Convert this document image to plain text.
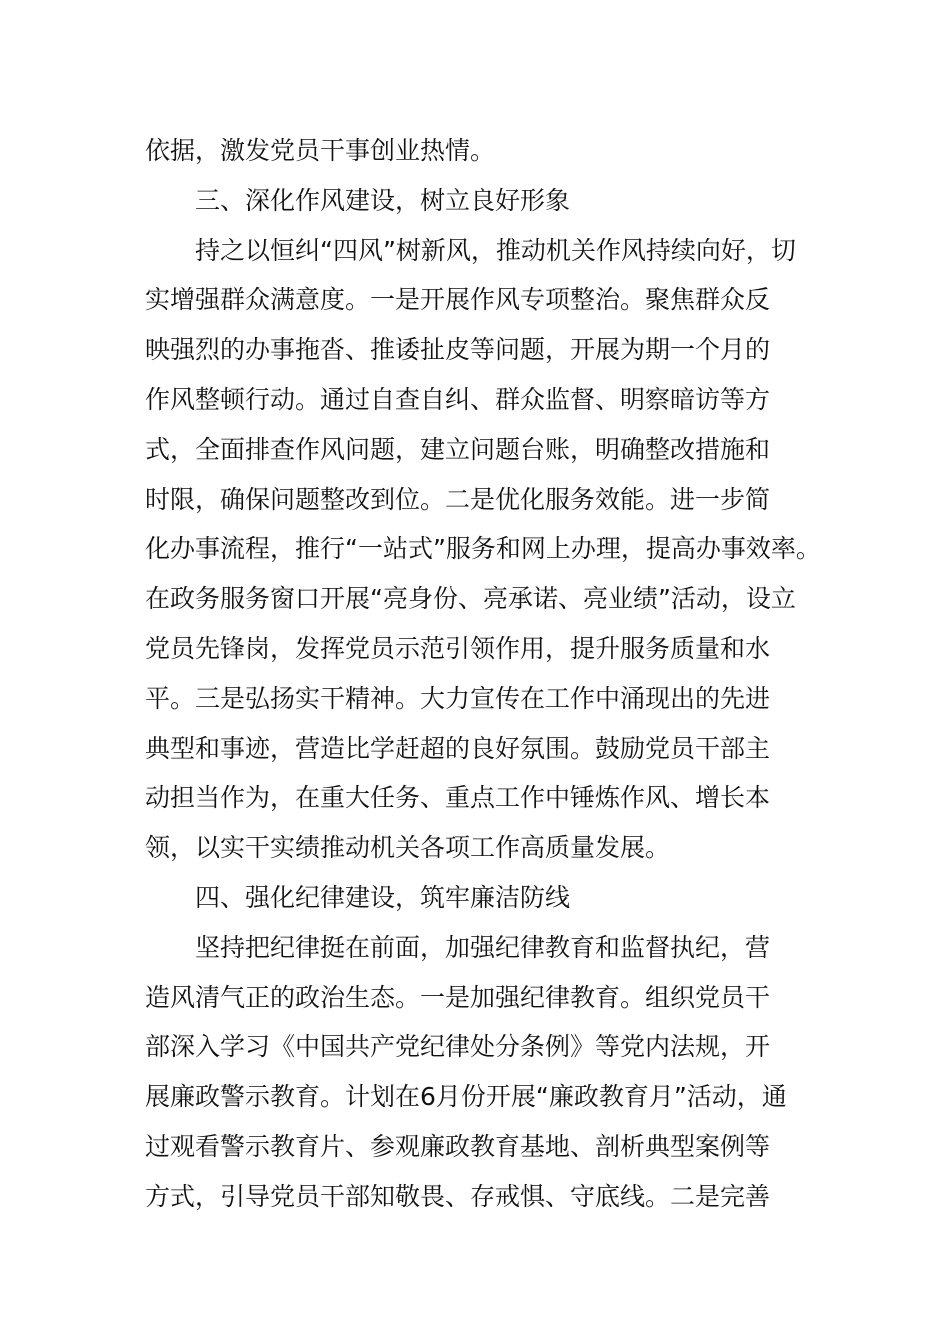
依据，激发党员干事创业热情。
三、深化作风建设，树立良好形象
持之以恒纠“四风”树新风，推动机关作风持续向好，切
实增强群众满意度。一是开展作风专项整治。聚焦群众反
映强烈的办事拖沓、推诿扯皮等问题，开展为期一个月的
作风整顿行动。通过自查自纠、群众监督、明察暗访等方
式，全面排查作风问题，建立问题台账，明确整改措施和
时限，确保问题整改到位。二是优化服务效能。进一步简
化办事流程，推行“一站式”服务和网上办理，提高办事效率。
在政务服务窗口开展“亮身份、亮承诺、亮业绩”活动，设立
党员先锋岗，发挥党员示范引领作用，提升服务质量和水
平。三是弘扬实干精神。大力宣传在工作中涌现出的先进
典型和事迹，营造比学赶超的良好氛围。鼓励党员干部主
动担当作为，在重大任务、重点工作中锤炼作风、增长本
领，以实干实绩推动机关各项工作高质量发展。
四、强化纪律建设，筑牢廉洁防线
坚持把纪律挺在前面，加强纪律教育和监督执纪，营
造风清气正的政治生态。一是加强纪律教育。组织党员干
部深入学习《中国共产党纪律处分条例》等党内法规，开
展廉政警示教育。计划在6月份开展“廉政教育月”活动，通
过观看警示教育片、参观廉政教育基地、剖析典型案例等
方式，引导党员干部知敬畏、存戒惧、守底线。二是完善
